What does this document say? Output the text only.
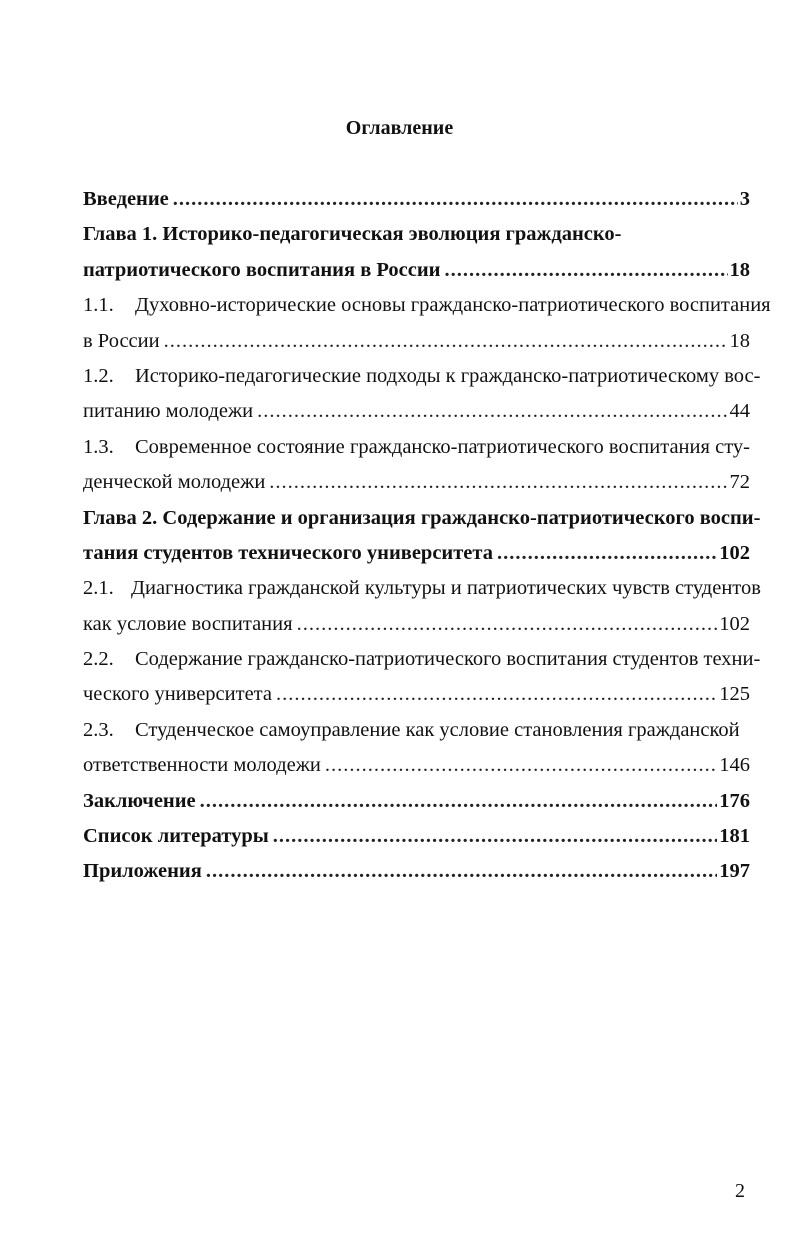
Оглавление
Введение .....	3
Глава 1. Историко-педагогическая эволюция гражданско-
патриотического воспитания в России .....	18
1.1. Духовно-исторические основы гражданско-патриотического воспитания
в России .....	18
1.2. Историко-педагогические подходы к гражданско-патриотическому вос-
питанию молодежи .....	44
1.3. Современное состояние гражданско-патриотического воспитания сту-
денческой молодежи .....	72
Глава 2. Содержание и организация гражданско-патриотического воспи-
тания студентов технического университета .....	102
2.1. Диагностика гражданской культуры и патриотических чувств студентов
как условие воспитания .....	102
2.2. Содержание гражданско-патриотического воспитания студентов техни-
ческого университета .....	125
2.3. Студенческое самоуправление как условие становления гражданской
ответственности молодежи .....	146
Заключение .....	176
Список литературы .....	181
Приложения .....	197
2
